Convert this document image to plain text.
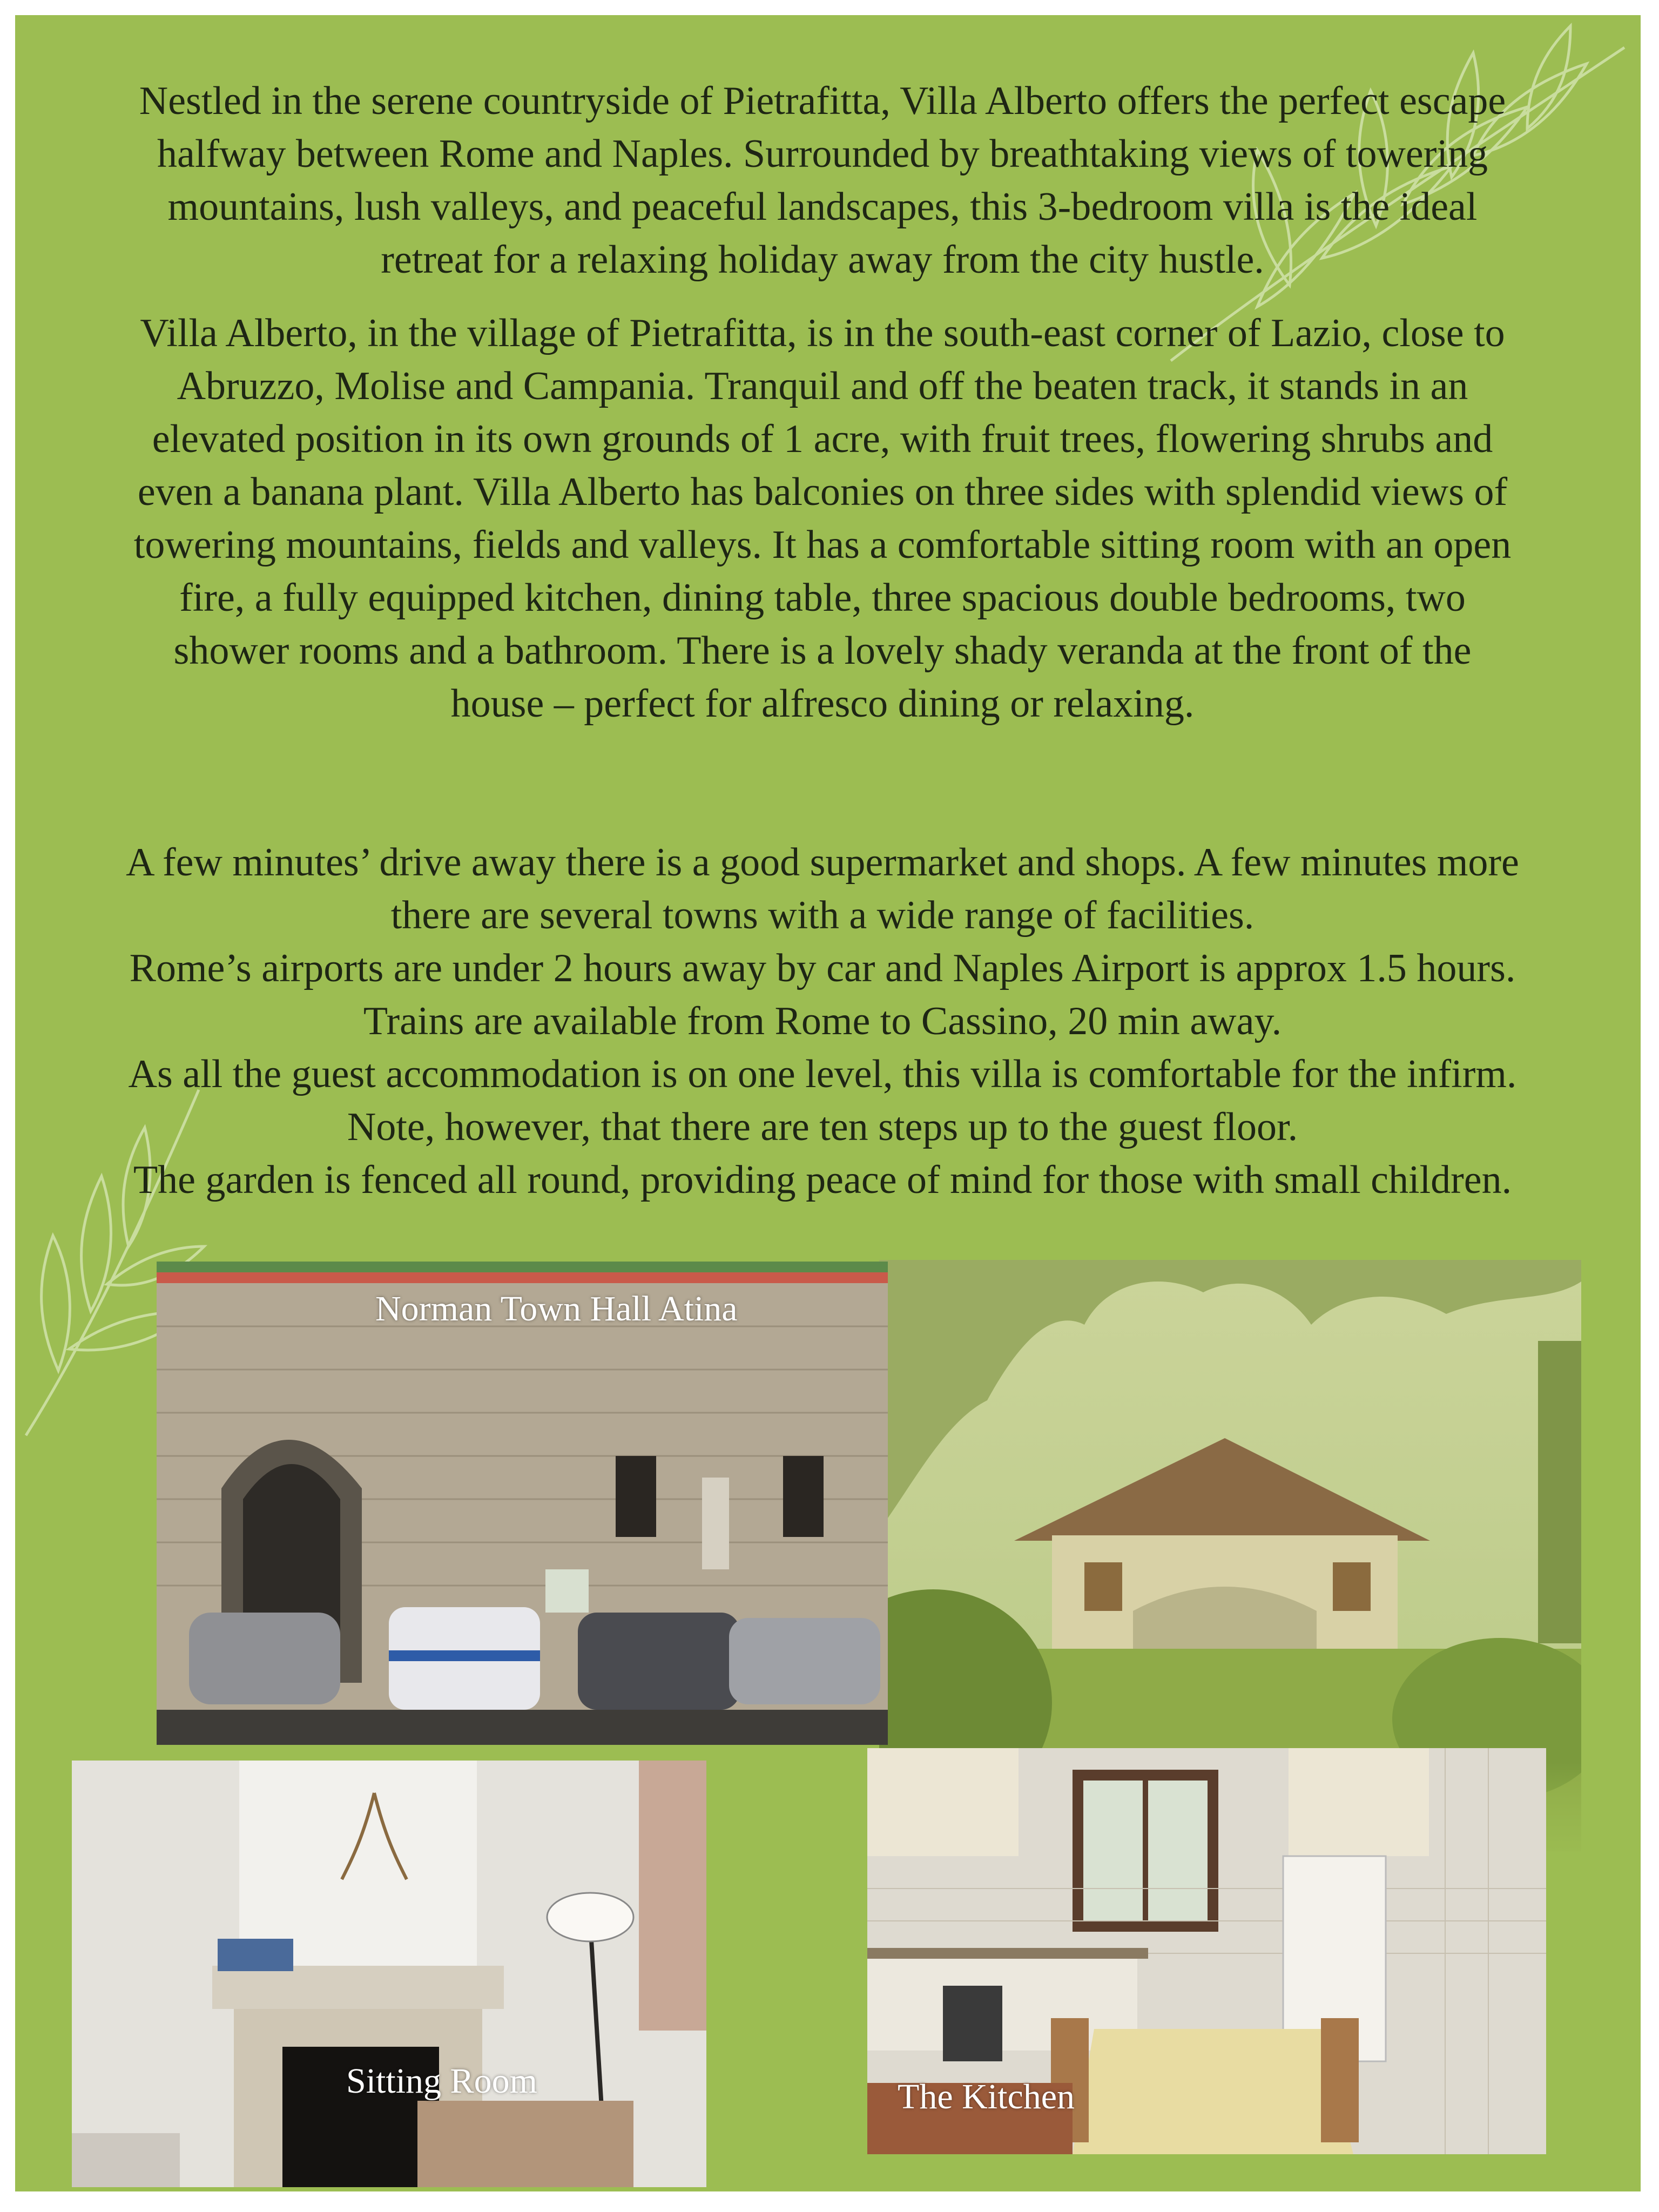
Nestled in the serene countryside of Pietrafitta, Villa Alberto offers the perfect escape halfway between Rome and Naples. Surrounded by breathtaking views of towering mountains, lush valleys, and peaceful landscapes, this 3-bedroom villa is the ideal retreat for a relaxing holiday away from the city hustle.

Villa Alberto, in the village of Pietrafitta, is in the south-east corner of Lazio, close to Abruzzo, Molise and Campania. Tranquil and off the beaten track, it stands in an elevated position in its own grounds of 1 acre, with fruit trees, flowering shrubs and even a banana plant. Villa Alberto has balconies on three sides with splendid views of towering mountains, fields and valleys. It has a comfortable sitting room with an open fire, a fully equipped kitchen, dining table, three spacious double bedrooms, two shower rooms and a bathroom. There is a lovely shady veranda at the front of the house – perfect for alfresco dining or relaxing.

A few minutes’ drive away there is a good supermarket and shops. A few minutes more there are several towns with a wide range of facilities.
Rome’s airports are under 2 hours away by car and Naples Airport is approx 1.5 hours. Trains are available from Rome to Cassino, 20 min away.
As all the guest accommodation is on one level, this villa is comfortable for the infirm. Note, however, that there are ten steps up to the guest floor.
The garden is fenced all round, providing peace of mind for those with small children.
Norman Town Hall Atina
Sitting Room	The Kitchen
